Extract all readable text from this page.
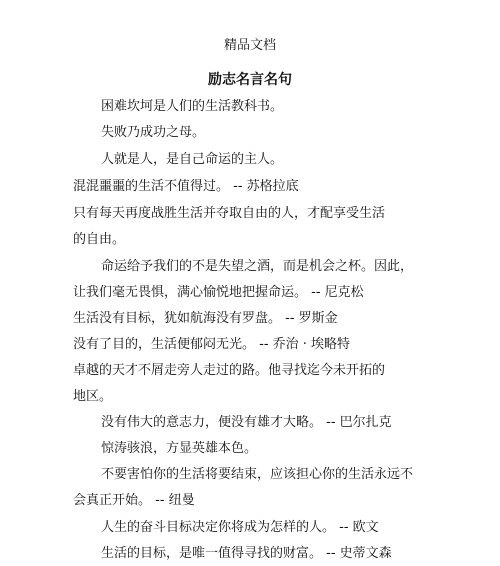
精品文档
励志名言名句
困难坎坷是人们的生活教科书。
失败乃成功之母。
人就是人，是自己命运的主人。
混混噩噩的生活不值得过。 -- 苏格拉底
只有每天再度战胜生活并夺取自由的人，才配享受生活
的自由。
命运给予我们的不是失望之酒，而是机会之杯。因此，
让我们毫无畏惧，满心愉悦地把握命运。 -- 尼克松
生活没有目标，犹如航海没有罗盘。 -- 罗斯金
没有了目的，生活便郁闷无光。 -- 乔治 · 埃略特
卓越的天才不屑走旁人走过的路。他寻找迄今未开拓的
地区。
没有伟大的意志力，便没有雄才大略。 -- 巴尔扎克
惊涛骇浪，方显英雄本色。
不要害怕你的生活将要结束，应该担心你的生活永远不
会真正开始。 -- 纽曼
人生的奋斗目标决定你将成为怎样的人。 -- 欧文
生活的目标，是唯一值得寻找的财富。 -- 史蒂文森
